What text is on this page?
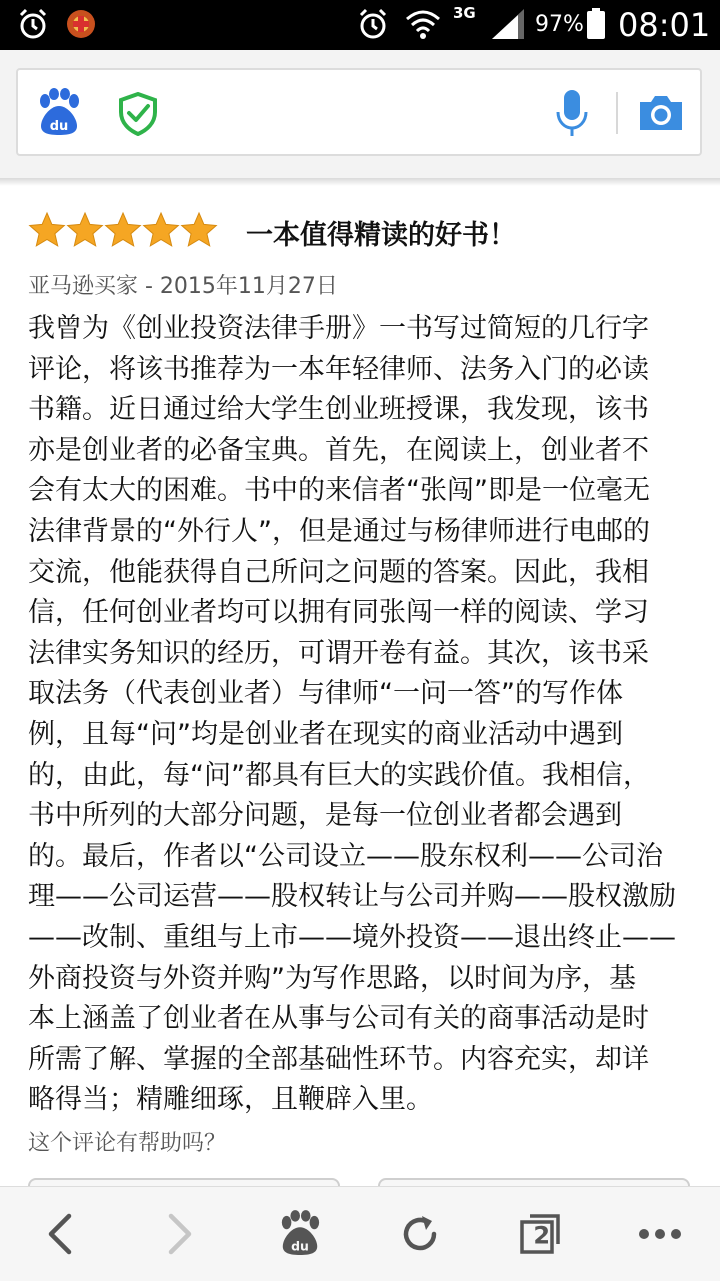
3G	97% 08:01
du
一本值得精读的好书！
亚马逊买家 - 2015年11月27日

我曾为《创业投资法律手册》一书写过简短的几行字
评论，将该书推荐为一本年轻律师、法务入门的必读
书籍。近日通过给大学生创业班授课，我发现，该书
亦是创业者的必备宝典。首先，在阅读上，创业者不
会有太大的困难。书中的来信者“张闯”即是一位毫无
法律背景的“外行人”，但是通过与杨律师进行电邮的
交流，他能获得自己所问之问题的答案。因此，我相
信，任何创业者均可以拥有同张闯一样的阅读、学习
法律实务知识的经历，可谓开卷有益。其次，该书采
取法务（代表创业者）与律师“一问一答”的写作体
例，且每“问”均是创业者在现实的商业活动中遇到
的，由此，每“问”都具有巨大的实践价值。我相信，
书中所列的大部分问题，是每一位创业者都会遇到
的。最后，作者以“公司设立——股东权利——公司治
理——公司运营——股权转让与公司并购——股权激励
——改制、重组与上市——境外投资——退出终止——
外商投资与外资并购”为写作思路，以时间为序，基
本上涵盖了创业者在从事与公司有关的商事活动是时
所需了解、掌握的全部基础性环节。内容充实，却详
略得当；精雕细琢，且鞭辟入里。

这个评论有帮助吗？
du	2
